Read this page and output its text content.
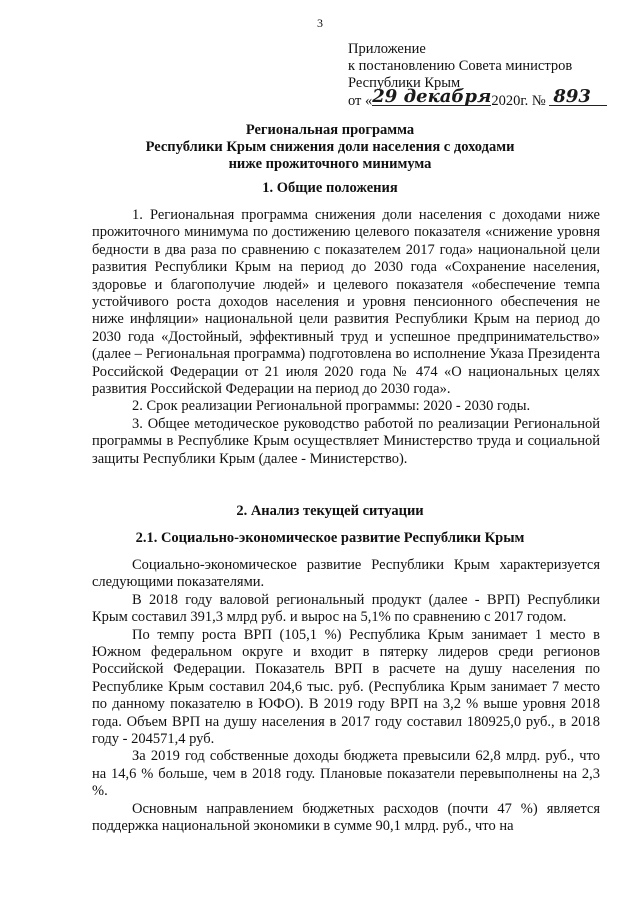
3
Приложение
к постановлению Совета министров
Республики Крым
от «29 декабря2020г. № 893
Региональная программа
Республики Крым снижения доли населения с доходами
ниже прожиточного минимума
1. Общие положения

1. Региональная программа снижения доли населения с доходами ниже прожиточного минимума по достижению целевого показателя «снижение уровня бедности в два раза по сравнению с показателем 2017 года» национальной цели развития Республики Крым на период до 2030 года «Сохранение населения, здоровье и благополучие людей» и целевого показателя «обеспечение темпа устойчивого роста доходов населения и уровня пенсионного обеспечения не ниже инфляции» национальной цели развития Республики Крым на период до 2030 года «Достойный, эффективный труд и успешное предпринимательство» (далее – Региональная программа) подготовлена во исполнение Указа Президента Российской Федерации от 21 июля 2020 года № 474 «О национальных целях развития Российской Федерации на период до 2030 года».

2. Срок реализации Региональной программы: 2020 - 2030 годы.

3. Общее методическое руководство работой по реализации Региональной программы в Республике Крым осуществляет Министерство труда и социальной защиты Республики Крым (далее - Министерство).

2. Анализ текущей ситуации
2.1. Социально-экономическое развитие Республики Крым

Социально-экономическое развитие Республики Крым характеризуется следующими показателями.

В 2018 году валовой региональный продукт (далее - ВРП) Республики Крым составил 391,3 млрд руб. и вырос на 5,1% по сравнению с 2017 годом.

По темпу роста ВРП (105,1 %) Республика Крым занимает 1 место в Южном федеральном округе и входит в пятерку лидеров среди регионов Российской Федерации. Показатель ВРП в расчете на душу населения по Республике Крым составил 204,6 тыс. руб. (Республика Крым занимает 7 место по данному показателю в ЮФО). В 2019 году ВРП на 3,2 % выше уровня 2018 года. Объем ВРП на душу населения в 2017 году составил 180925,0 руб., в 2018 году - 204571,4 руб.

За 2019 год собственные доходы бюджета превысили 62,8 млрд. руб., что на 14,6 % больше, чем в 2018 году. Плановые показатели перевыполнены на 2,3 %.

Основным направлением бюджетных расходов (почти 47 %) является поддержка национальной экономики в сумме 90,1 млрд. руб., что на
